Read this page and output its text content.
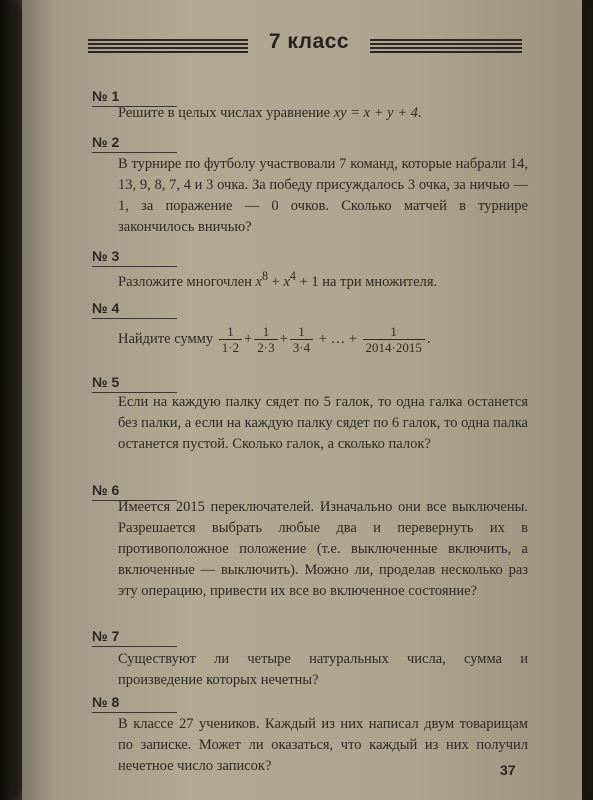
7 класс
№ 1
Решите в целых числах уравнение xy = x + y + 4.
№ 2
В турнире по футболу участвовали 7 команд, которые набрали 14, 13, 9, 8, 7, 4 и 3 очка. За победу присуждалось 3 очка, за ничью — 1, за поражение — 0 очков. Сколько матчей в турнире закончилось вничью?
№ 3
Разложите многочлен $x^8 + x^4 + 1$ на три множителя.
№ 4
Найдите сумму $\frac{1}{1\cdot 2} + \frac{1}{2\cdot 3} + \frac{1}{3\cdot 4}$ + … + $\frac{1}{2014\cdot 2015}$ .
№ 5
Если на каждую палку сядет по 5 галок, то одна галка останется без палки, а если на каждую палку сядет по 6 галок, то одна палка останется пустой. Сколько галок, а сколько палок?
№ 6
Имеется 2015 переключателей. Изначально они все выключены. Разрешается выбрать любые два и перевернуть их в противоположное положение (т.е. выключенные включить, а включенные — выключить). Можно ли, проделав несколько раз эту операцию, привести их все во включенное состояние?
№ 7
Существуют ли четыре натуральных числа, сумма и произведение которых нечетны?
№ 8
В классе 27 учеников. Каждый из них написал двум товарищам по записке. Может ли оказаться, что каждый из них получил нечетное число записок?	37
